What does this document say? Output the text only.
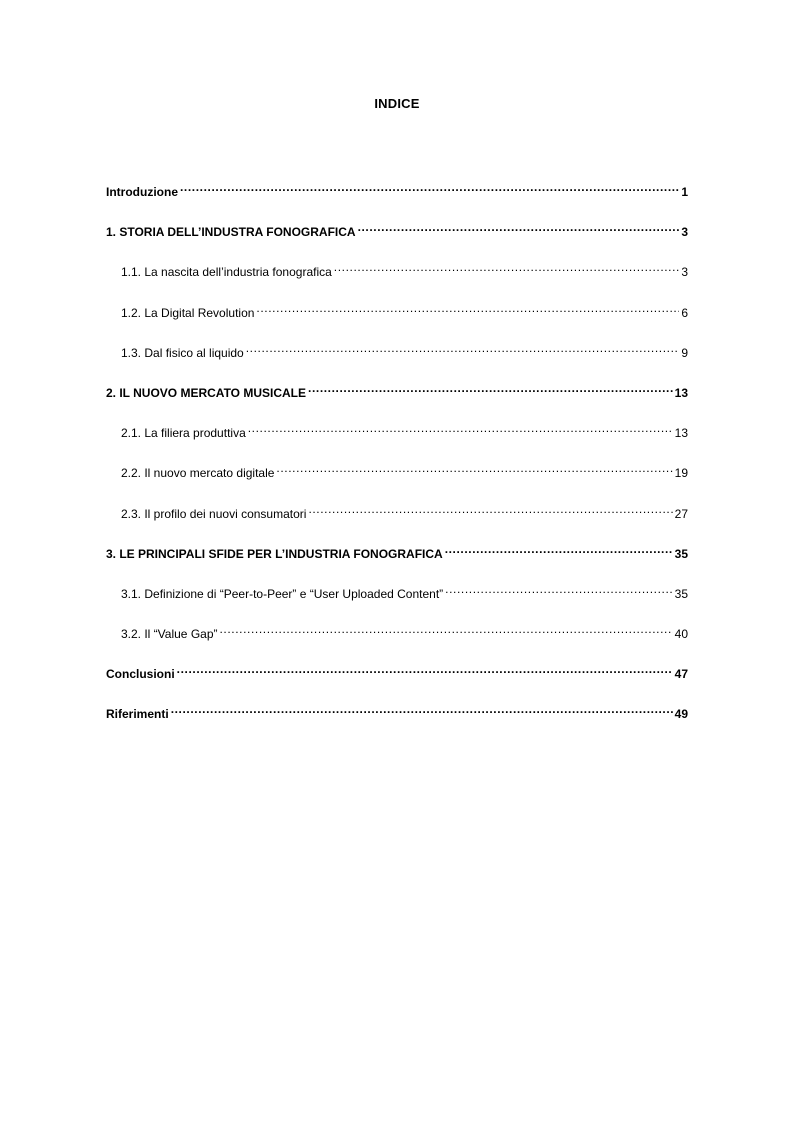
INDICE
Introduzione .....	1
1. STORIA DELL’INDUSTRA FONOGRAFICA .....	3
1.1. La nascita dell’industria fonografica .....	3
1.2. La Digital Revolution .....	6
1.3. Dal fisico al liquido .....	9
2. IL NUOVO MERCATO MUSICALE .....	13
2.1. La filiera produttiva .....	13
2.2. Il nuovo mercato digitale .....	19
2.3. Il profilo dei nuovi consumatori .....	27
3. LE PRINCIPALI SFIDE PER L’INDUSTRIA FONOGRAFICA .....	35
3.1. Definizione di “Peer-to-Peer” e “User Uploaded Content” .....	35
3.2. Il “Value Gap” .....	40
Conclusioni .....	47
Riferimenti .....	49
